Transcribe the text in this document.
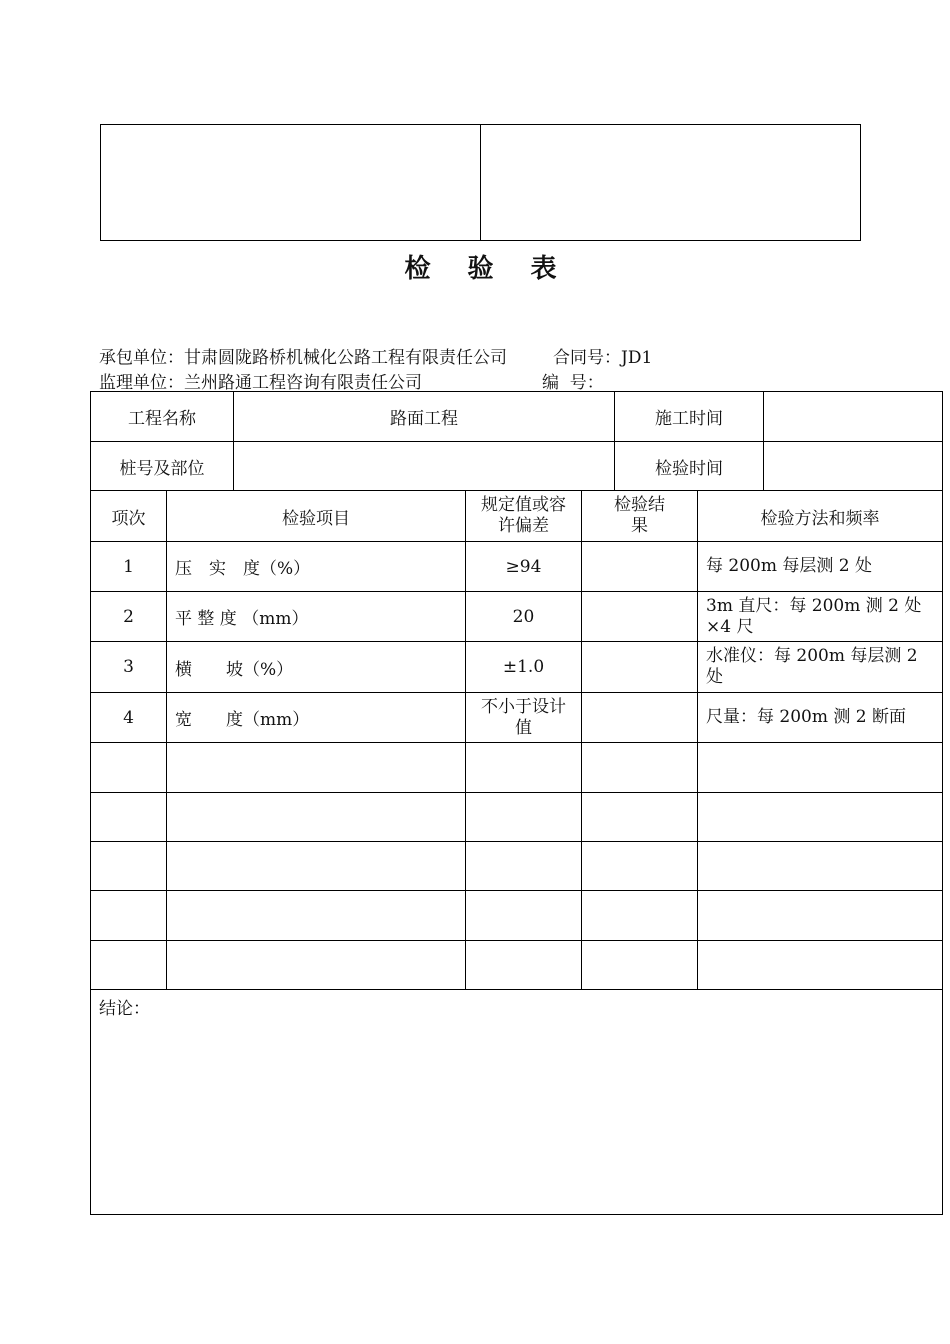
检 验 表
承包单位：甘肃圆陇路桥机械化公路工程有限责任公司	合同号：JD1
监理单位：兰州路通工程咨询有限责任公司	编  号：
工程名称		路面工程			施工时间		
桩号及部位					检验时间		
项次	检验项目		规定值或容许偏差	检验结果		检验方法和频率	
1	压　实　度（%）		≥94			每 200m 每层测 2 处	
2	平 整 度 （mm）		20			3m 直尺：每 200m 测 2 处×4 尺	
3	横　　坡（%）		±1.0			水准仪：每 200m 每层测 2 处	
4	宽　　度（mm）		不小于设计值			尺量：每 200m 测 2 断面	

结论：							
